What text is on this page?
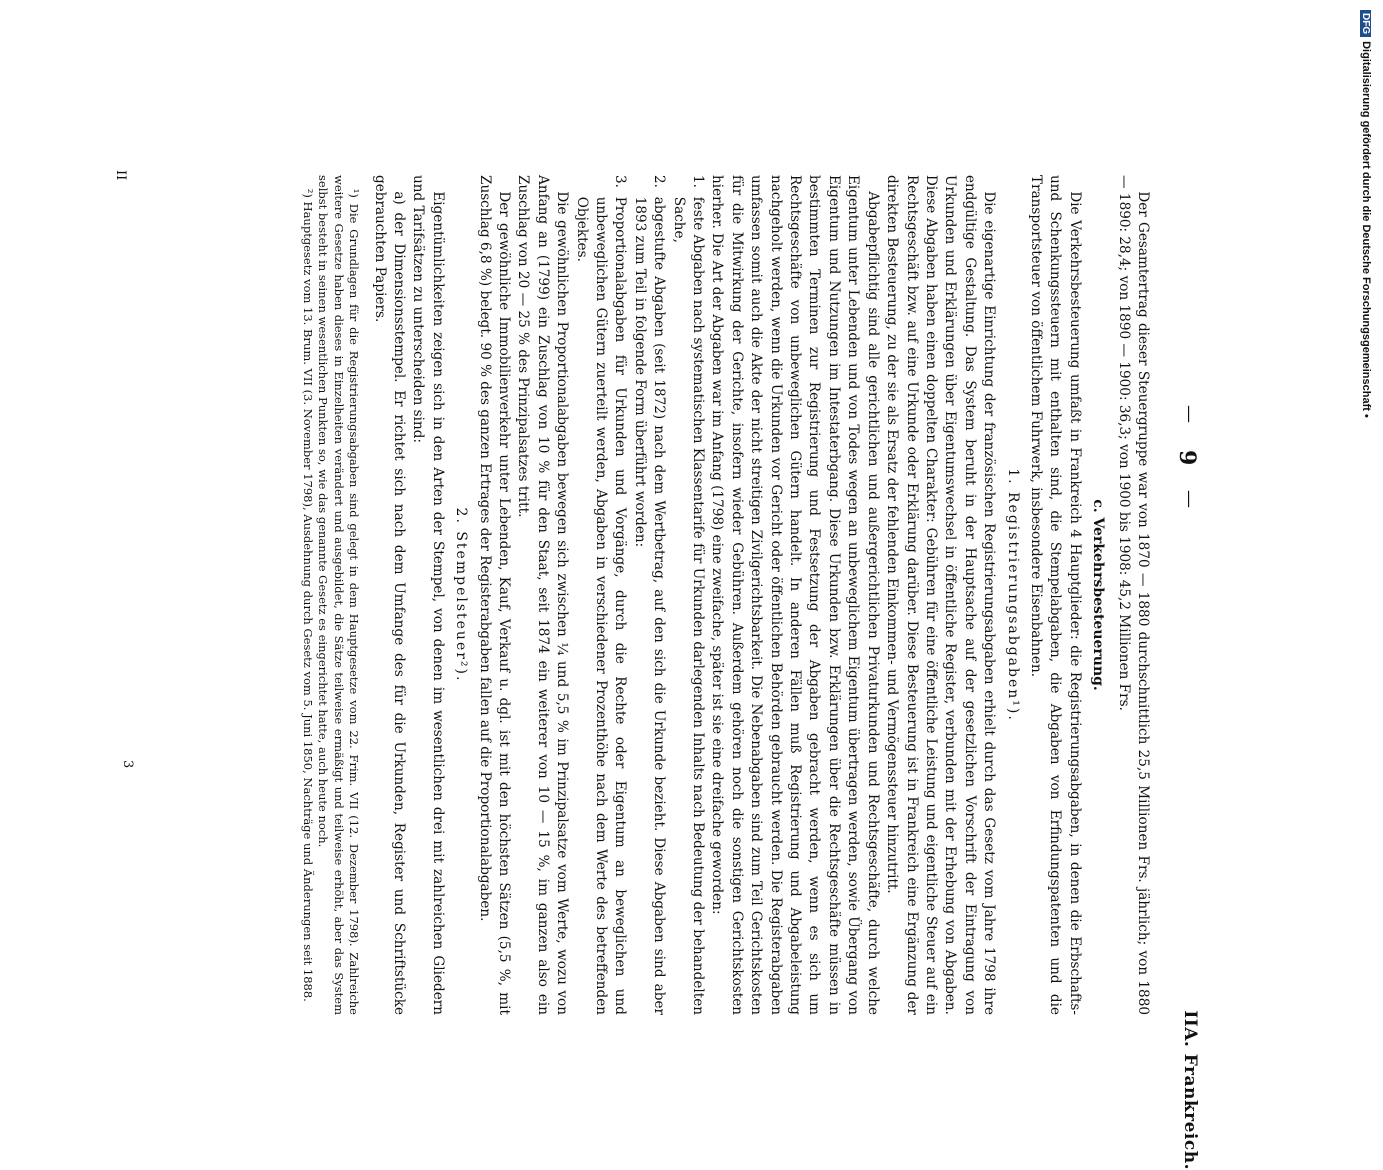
—
9
—
IIA. Frankreich.

Der Gesamtertrag dieser Steuergruppe war von 1870 — 1880 durchschnittlich 25,5 Millionen Frs. jährlich; von 1880 — 1890: 28,4; von 1890 — 1900: 36,3; von 1900 bis 1908: 45,2 Millionen Frs.

c. Verkehrsbesteuerung.

Die Verkehrsbesteuerung umfaßt in Frankreich 4 Hauptglieder: die Registrierungsabgaben, in denen die Erbschafts- und Schenkungssteuern mit enthalten sind, die Stempelabgaben, die Abgaben von Erfindungspatenten und die Transportsteuer von öffentlichem Fuhrwerk, insbesondere Eisenbahnen.

1. Registrierungsabgaben¹).

Die eigenartige Einrichtung der französischen Registrierungsabgaben erhielt durch das Gesetz vom Jahre 1798 ihre endgültige Gestaltung. Das System beruht in der Hauptsache auf der gesetzlichen Vorschrift der Eintragung von Urkunden und Erklärungen über Eigentumswechsel in öffentliche Register, verbunden mit der Erhebung von Abgaben. Diese Abgaben haben einen doppelten Charakter: Gebühren für eine öffentliche Leistung und eigentliche Steuer auf ein Rechtsgeschäft bzw. auf eine Urkunde oder Erklärung darüber. Diese Besteuerung ist in Frankreich eine Ergänzung der direkten Besteuerung, zu der sie als Ersatz der fehlenden Einkommen- und Vermögenssteuer hinzutritt.

Abgabepflichtig sind alle gerichtlichen und außergerichtlichen Privaturkunden und Rechtsgeschäfte, durch welche Eigentum unter Lebenden und von Todes wegen an unbeweglichem Eigentum übertragen werden, sowie Übergang von Eigentum und Nutzungen im Intestaterbgang. Diese Urkunden bzw. Erklärungen über die Rechtsgeschäfte müssen in bestimmten Terminen zur Registrierung und Festsetzung der Abgaben gebracht werden, wenn es sich um Rechtsgeschäfte von unbeweglichen Gütern handelt. In anderen Fällen muß Registrierung und Abgabeleistung nachgeholt werden, wenn die Urkunden vor Gericht oder öffentlichen Behörden gebraucht werden. Die Registerabgaben umfassen somit auch die Akte der nicht streitigen Zivilgerichtsbarkeit. Die Nebenabgaben sind zum Teil Gerichtskosten für die Mitwirkung der Gerichte, insofern wieder Gebühren. Außerdem gehören noch die sonstigen Gerichtskosten hierher. Die Art der Abgaben war im Anfang (1798) eine zweifache, später ist sie eine dreifache geworden:

1.
feste Abgaben nach systematischen Klassentarife für Urkunden darlegenden Inhalts nach Bedeutung der behandelten Sache,
2.
abgestufte Abgaben (seit 1872) nach dem Wertbetrag, auf den sich die Urkunde bezieht. Diese Abgaben sind aber 1893 zum Teil in folgende Form überführt worden:
3.
Proportionalabgaben für Urkunden und Vorgänge, durch die Rechte oder Eigentum an beweglichen und unbeweglichen Gütern zuerteilt werden, Abgaben in verschiedener Prozenthöhe nach dem Werte des betreffenden Objektes.

Die gewöhnlichen Proportionalabgaben bewegen sich zwischen ¼ und 5,5 % im Prinzipalsatze vom Werte, wozu von Anfang an (1799) ein Zuschlag von 10 % für den Staat, seit 1874 ein weiterer von 10 — 15 %, im ganzen also ein Zuschlag von 20 — 25 % des Prinzipalsatzes tritt.

Der gewöhnliche Immobilienverkehr unter Lebenden, Kauf, Verkauf u. dgl. ist mit den höchsten Sätzen (5,5 %, mit Zuschlag 6,8 %) belegt. 90 % des ganzen Ertrages der Registerabgaben fallen auf die Proportionalabgaben.

2. Stempelsteuer²).

Eigentümlichkeiten zeigen sich in den Arten der Stempel, von denen im wesentlichen drei mit zahlreichen Gliedern und Tarifsätzen zu unterscheiden sind:

a) der Dimensionsstempel. Er richtet sich nach dem Umfange des für die Urkunden, Register und Schriftstücke gebrauchten Papiers.

¹) Die Grundlagen für die Registrierungsabgaben sind gelegt in dem Hauptgesetze vom 22. Frim. VII (12. Dezember 1798). Zahlreiche weitere Gesetze haben dieses in Einzelheiten verändert und ausgebildet, die Sätze teilweise ermäßigt und teilweise erhöht, aber das System selbst besteht in seinen wesentlichen Punkten so, wie das genannte Gesetz es eingerichtet hatte, auch heute noch.

²) Hauptgesetz vom 13. Brum. VII (3. November 1798), Ausdehnung durch Gesetz vom 5. Juni 1850, Nachträge und Änderungen seit 1888.

II
3
DFGDigitalisierung gefördert durch die Deutsche Forschungsgemeinschaft •
